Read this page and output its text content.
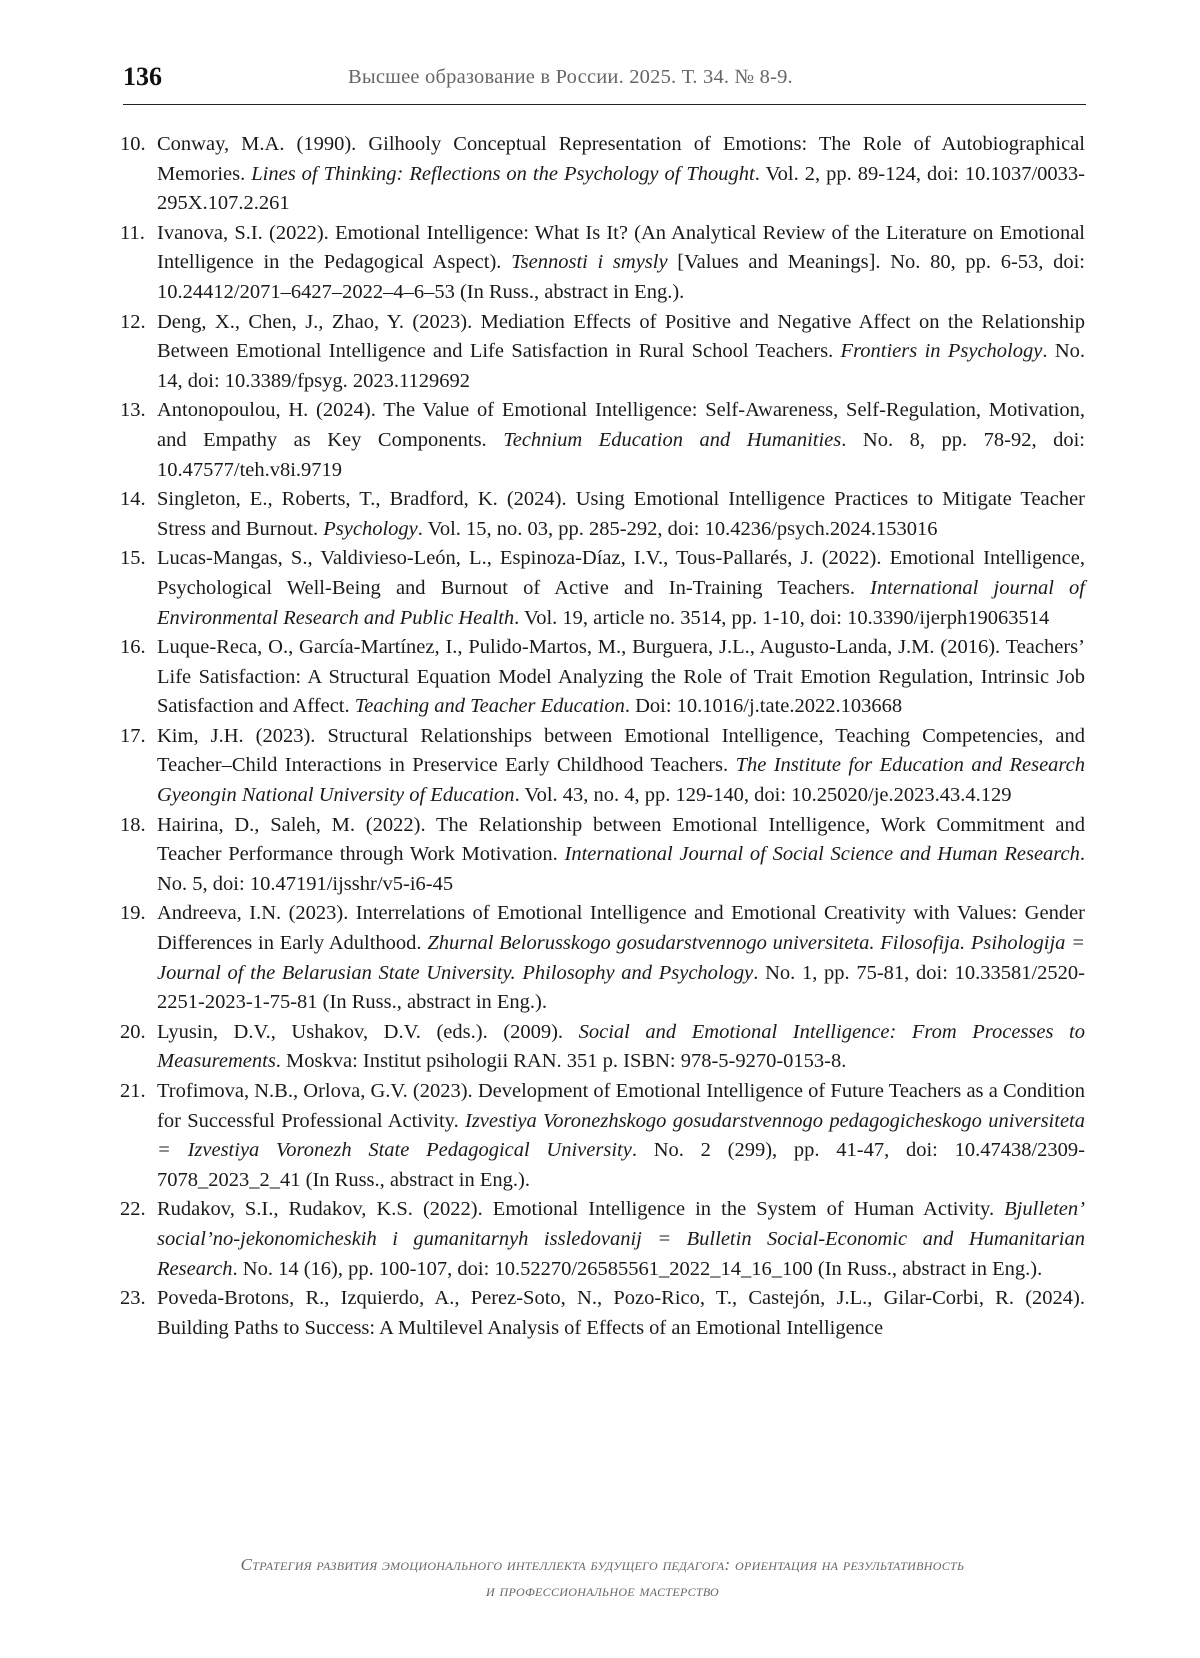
136	Высшее образование в России. 2025. Т. 34. № 8-9.
10. Conway, M.A. (1990). Gilhooly Conceptual Representation of Emotions: The Role of Autobiographical Memories. Lines of Thinking: Reflections on the Psychology of Thought. Vol. 2, pp. 89-124, doi: 10.1037/0033-295X.107.2.261
11. Ivanova, S.I. (2022). Emotional Intelligence: What Is It? (An Analytical Review of the Literature on Emotional Intelligence in the Pedagogical Aspect). Tsennosti i smysly [Values and Meanings]. No. 80, pp. 6-53, doi: 10.24412/2071–6427–2022–4–6–53 (In Russ., abstract in Eng.).
12. Deng, X., Chen, J., Zhao, Y. (2023). Mediation Effects of Positive and Negative Affect on the Relationship Between Emotional Intelligence and Life Satisfaction in Rural School Teachers. Frontiers in Psychology. No. 14, doi: 10.3389/fpsyg. 2023.1129692
13. Antonopoulou, H. (2024). The Value of Emotional Intelligence: Self-Awareness, Self-Regulation, Motivation, and Empathy as Key Components. Technium Education and Humanities. No. 8, pp. 78-92, doi: 10.47577/teh.v8i.9719
14. Singleton, E., Roberts, T., Bradford, K. (2024). Using Emotional Intelligence Practices to Mitigate Teacher Stress and Burnout. Psychology. Vol. 15, no. 03, pp. 285-292, doi: 10.4236/psych.2024.153016
15. Lucas-Mangas, S., Valdivieso-León, L., Espinoza-Díaz, I.V., Tous-Pallarés, J. (2022). Emotional Intelligence, Psychological Well-Being and Burnout of Active and In-Training Teachers. International journal of Environmental Research and Public Health. Vol. 19, article no. 3514, pp. 1-10, doi: 10.3390/ijerph19063514
16. Luque-Reca, O., García-Martínez, I., Pulido-Martos, M., Burguera, J.L., Augusto-Landa, J.M. (2016). Teachers’ Life Satisfaction: A Structural Equation Model Analyzing the Role of Trait Emotion Regulation, Intrinsic Job Satisfaction and Affect. Teaching and Teacher Education. Doi: 10.1016/j.tate.2022.103668
17. Kim, J.H. (2023). Structural Relationships between Emotional Intelligence, Teaching Competencies, and Teacher–Child Interactions in Preservice Early Childhood Teachers. The Institute for Education and Research Gyeongin National University of Education. Vol. 43, no. 4, pp. 129-140, doi: 10.25020/je.2023.43.4.129
18. Hairina, D., Saleh, M. (2022). The Relationship between Emotional Intelligence, Work Commitment and Teacher Performance through Work Motivation. International Journal of Social Science and Human Research. No. 5, doi: 10.47191/ijsshr/v5-i6-45
19. Andreeva, I.N. (2023). Interrelations of Emotional Intelligence and Emotional Creativity with Values: Gender Differences in Early Adulthood. Zhurnal Belorusskogo gosudarstvennogo universiteta. Filosofija. Psihologija = Journal of the Belarusian State University. Philosophy and Psychology. No. 1, pp. 75-81, doi: 10.33581/2520-2251-2023-1-75-81 (In Russ., abstract in Eng.).
20. Lyusin, D.V., Ushakov, D.V. (eds.). (2009). Social and Emotional Intelligence: From Processes to Measurements. Moskva: Institut psihologii RAN. 351 p. ISBN: 978-5-9270-0153-8.
21. Trofimova, N.B., Orlova, G.V. (2023). Development of Emotional Intelligence of Future Teachers as a Condition for Successful Professional Activity. Izvestiya Voronezhskogo gosudarstvennogo pedagogicheskogo universiteta = Izvestiya Voronezh State Pedagogical University. No. 2 (299), pp. 41-47, doi: 10.47438/2309-7078_2023_2_41 (In Russ., abstract in Eng.).
22. Rudakov, S.I., Rudakov, K.S. (2022). Emotional Intelligence in the System of Human Activity. Bjulleten’ social’no-jekonomicheskih i gumanitarnyh issledovanij = Bulletin Social-Economic and Humanitarian Research. No. 14 (16), pp. 100-107, doi: 10.52270/26585561_2022_14_16_100 (In Russ., abstract in Eng.).
23. Poveda-Brotons, R., Izquierdo, A., Perez-Soto, N., Pozo-Rico, T., Castejón, J.L., Gilar-Corbi, R. (2024). Building Paths to Success: A Multilevel Analysis of Effects of an Emotional Intelligence
Стратегия развития эмоционального интеллекта будущего педагога: ориентация на результативность
и профессиональное мастерство
